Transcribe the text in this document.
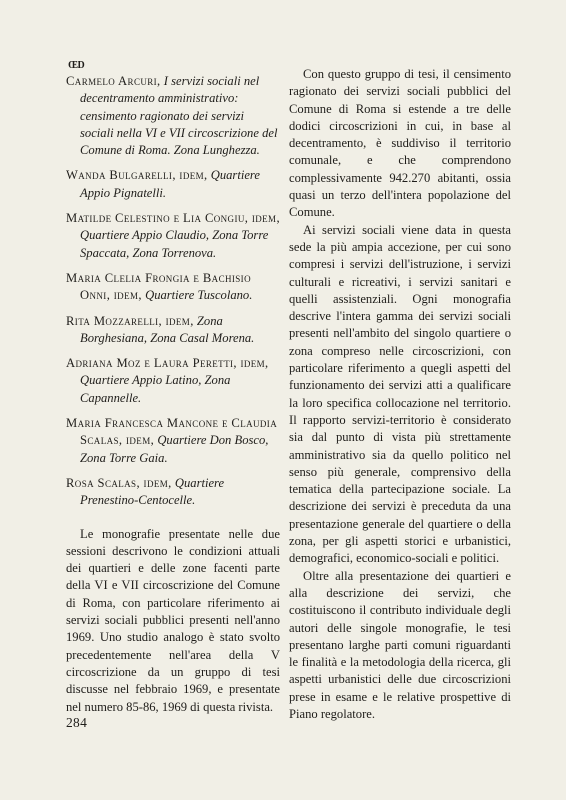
ŒD

Carmelo Arcuri, I servizi sociali nel decentramento amministrativo: censimento ragionato dei servizi sociali nella VI e VII circoscrizione del Comune di Roma. Zona Lunghezza.

Wanda Bulgarelli, idem, Quartiere Appio Pignatelli.

Matilde Celestino e Lia Congiu, idem, Quartiere Appio Claudio, Zona Torre Spaccata, Zona Torrenova.

Maria Clelia Frongia e Bachisio Onni, idem, Quartiere Tuscolano.

Rita Mozzarelli, idem, Zona Borghesiana, Zona Casal Morena.

Adriana Moz e Laura Peretti, idem, Quartiere Appio Latino, Zona Capannelle.

Maria Francesca Mancone e Claudia Scalas, idem, Quartiere Don Bosco, Zona Torre Gaia.

Rosa Scalas, idem, Quartiere Prenestino-Centocelle.

Le monografie presentate nelle due sessioni descrivono le condizioni attuali dei quartieri e delle zone facenti parte della VI e VII circoscrizione del Comune di Roma, con particolare riferimento ai servizi sociali pubblici presenti nell'anno 1969. Uno studio analogo è stato svolto precedentemente nell'area della V circoscrizione da un gruppo di tesi discusse nel febbraio 1969, e presentate nel numero 85-86, 1969 di questa rivista.

Con questo gruppo di tesi, il censimento ragionato dei servizi sociali pubblici del Comune di Roma si estende a tre delle dodici circoscrizioni in cui, in base al decentramento, è suddiviso il territorio comunale, e che comprendono complessivamente 942.270 abitanti, ossia quasi un terzo dell'intera popolazione del Comune.

Ai servizi sociali viene data in questa sede la più ampia accezione, per cui sono compresi i servizi dell'istruzione, i servizi culturali e ricreativi, i servizi sanitari e quelli assistenziali. Ogni monografia descrive l'intera gamma dei servizi sociali presenti nell'ambito del singolo quartiere o zona compreso nelle circoscrizioni, con particolare riferimento a quegli aspetti del funzionamento dei servizi atti a qualificare la loro specifica collocazione nel territorio. Il rapporto servizi-territorio è considerato sia dal punto di vista più strettamente amministrativo sia da quello politico nel senso più generale, comprensivo della tematica della partecipazione sociale. La descrizione dei servizi è preceduta da una presentazione generale del quartiere o della zona, per gli aspetti storici e urbanistici, demografici, economico-sociali e politici.

Oltre alla presentazione dei quartieri e alla descrizione dei servizi, che costituiscono il contributo individuale degli autori delle singole monografie, le tesi presentano larghe parti comuni riguardanti le finalità e la metodologia della ricerca, gli aspetti urbanistici delle due circoscrizioni prese in esame e le relative prospettive di Piano regolatore.

284
